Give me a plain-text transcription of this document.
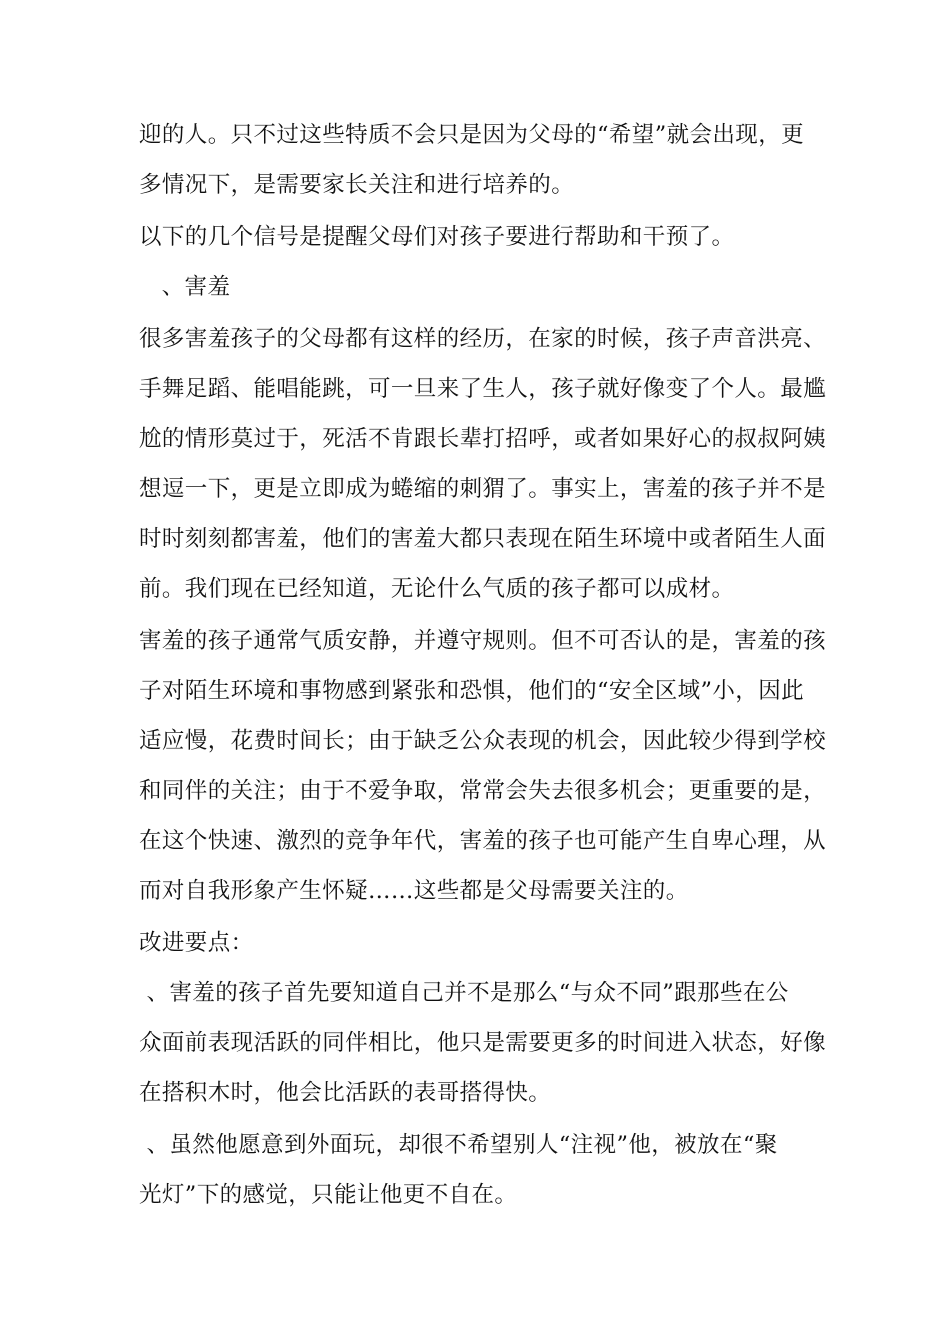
迎的人。只不过这些特质不会只是因为父母的“希望”就会出现，更
多情况下，是需要家长关注和进行培养的。
以下的几个信号是提醒父母们对孩子要进行帮助和干预了。
、害羞
很多害羞孩子的父母都有这样的经历，在家的时候，孩子声音洪亮、
手舞足蹈、能唱能跳，可一旦来了生人，孩子就好像变了个人。最尴
尬的情形莫过于，死活不肯跟长辈打招呼，或者如果好心的叔叔阿姨
想逗一下，更是立即成为蜷缩的刺猬了。事实上，害羞的孩子并不是
时时刻刻都害羞，他们的害羞大都只表现在陌生环境中或者陌生人面
前。我们现在已经知道，无论什么气质的孩子都可以成材。
害羞的孩子通常气质安静，并遵守规则。但不可否认的是，害羞的孩
子对陌生环境和事物感到紧张和恐惧，他们的“安全区域”小，因此
适应慢，花费时间长；由于缺乏公众表现的机会，因此较少得到学校
和同伴的关注；由于不爱争取，常常会失去很多机会；更重要的是，
在这个快速、激烈的竞争年代，害羞的孩子也可能产生自卑心理，从
而对自我形象产生怀疑……这些都是父母需要关注的。
改进要点：
、害羞的孩子首先要知道自己并不是那么“与众不同”跟那些在公
众面前表现活跃的同伴相比，他只是需要更多的时间进入状态，好像
在搭积木时，他会比活跃的表哥搭得快。
、虽然他愿意到外面玩，却很不希望别人“注视”他，被放在“聚
光灯”下的感觉，只能让他更不自在。
